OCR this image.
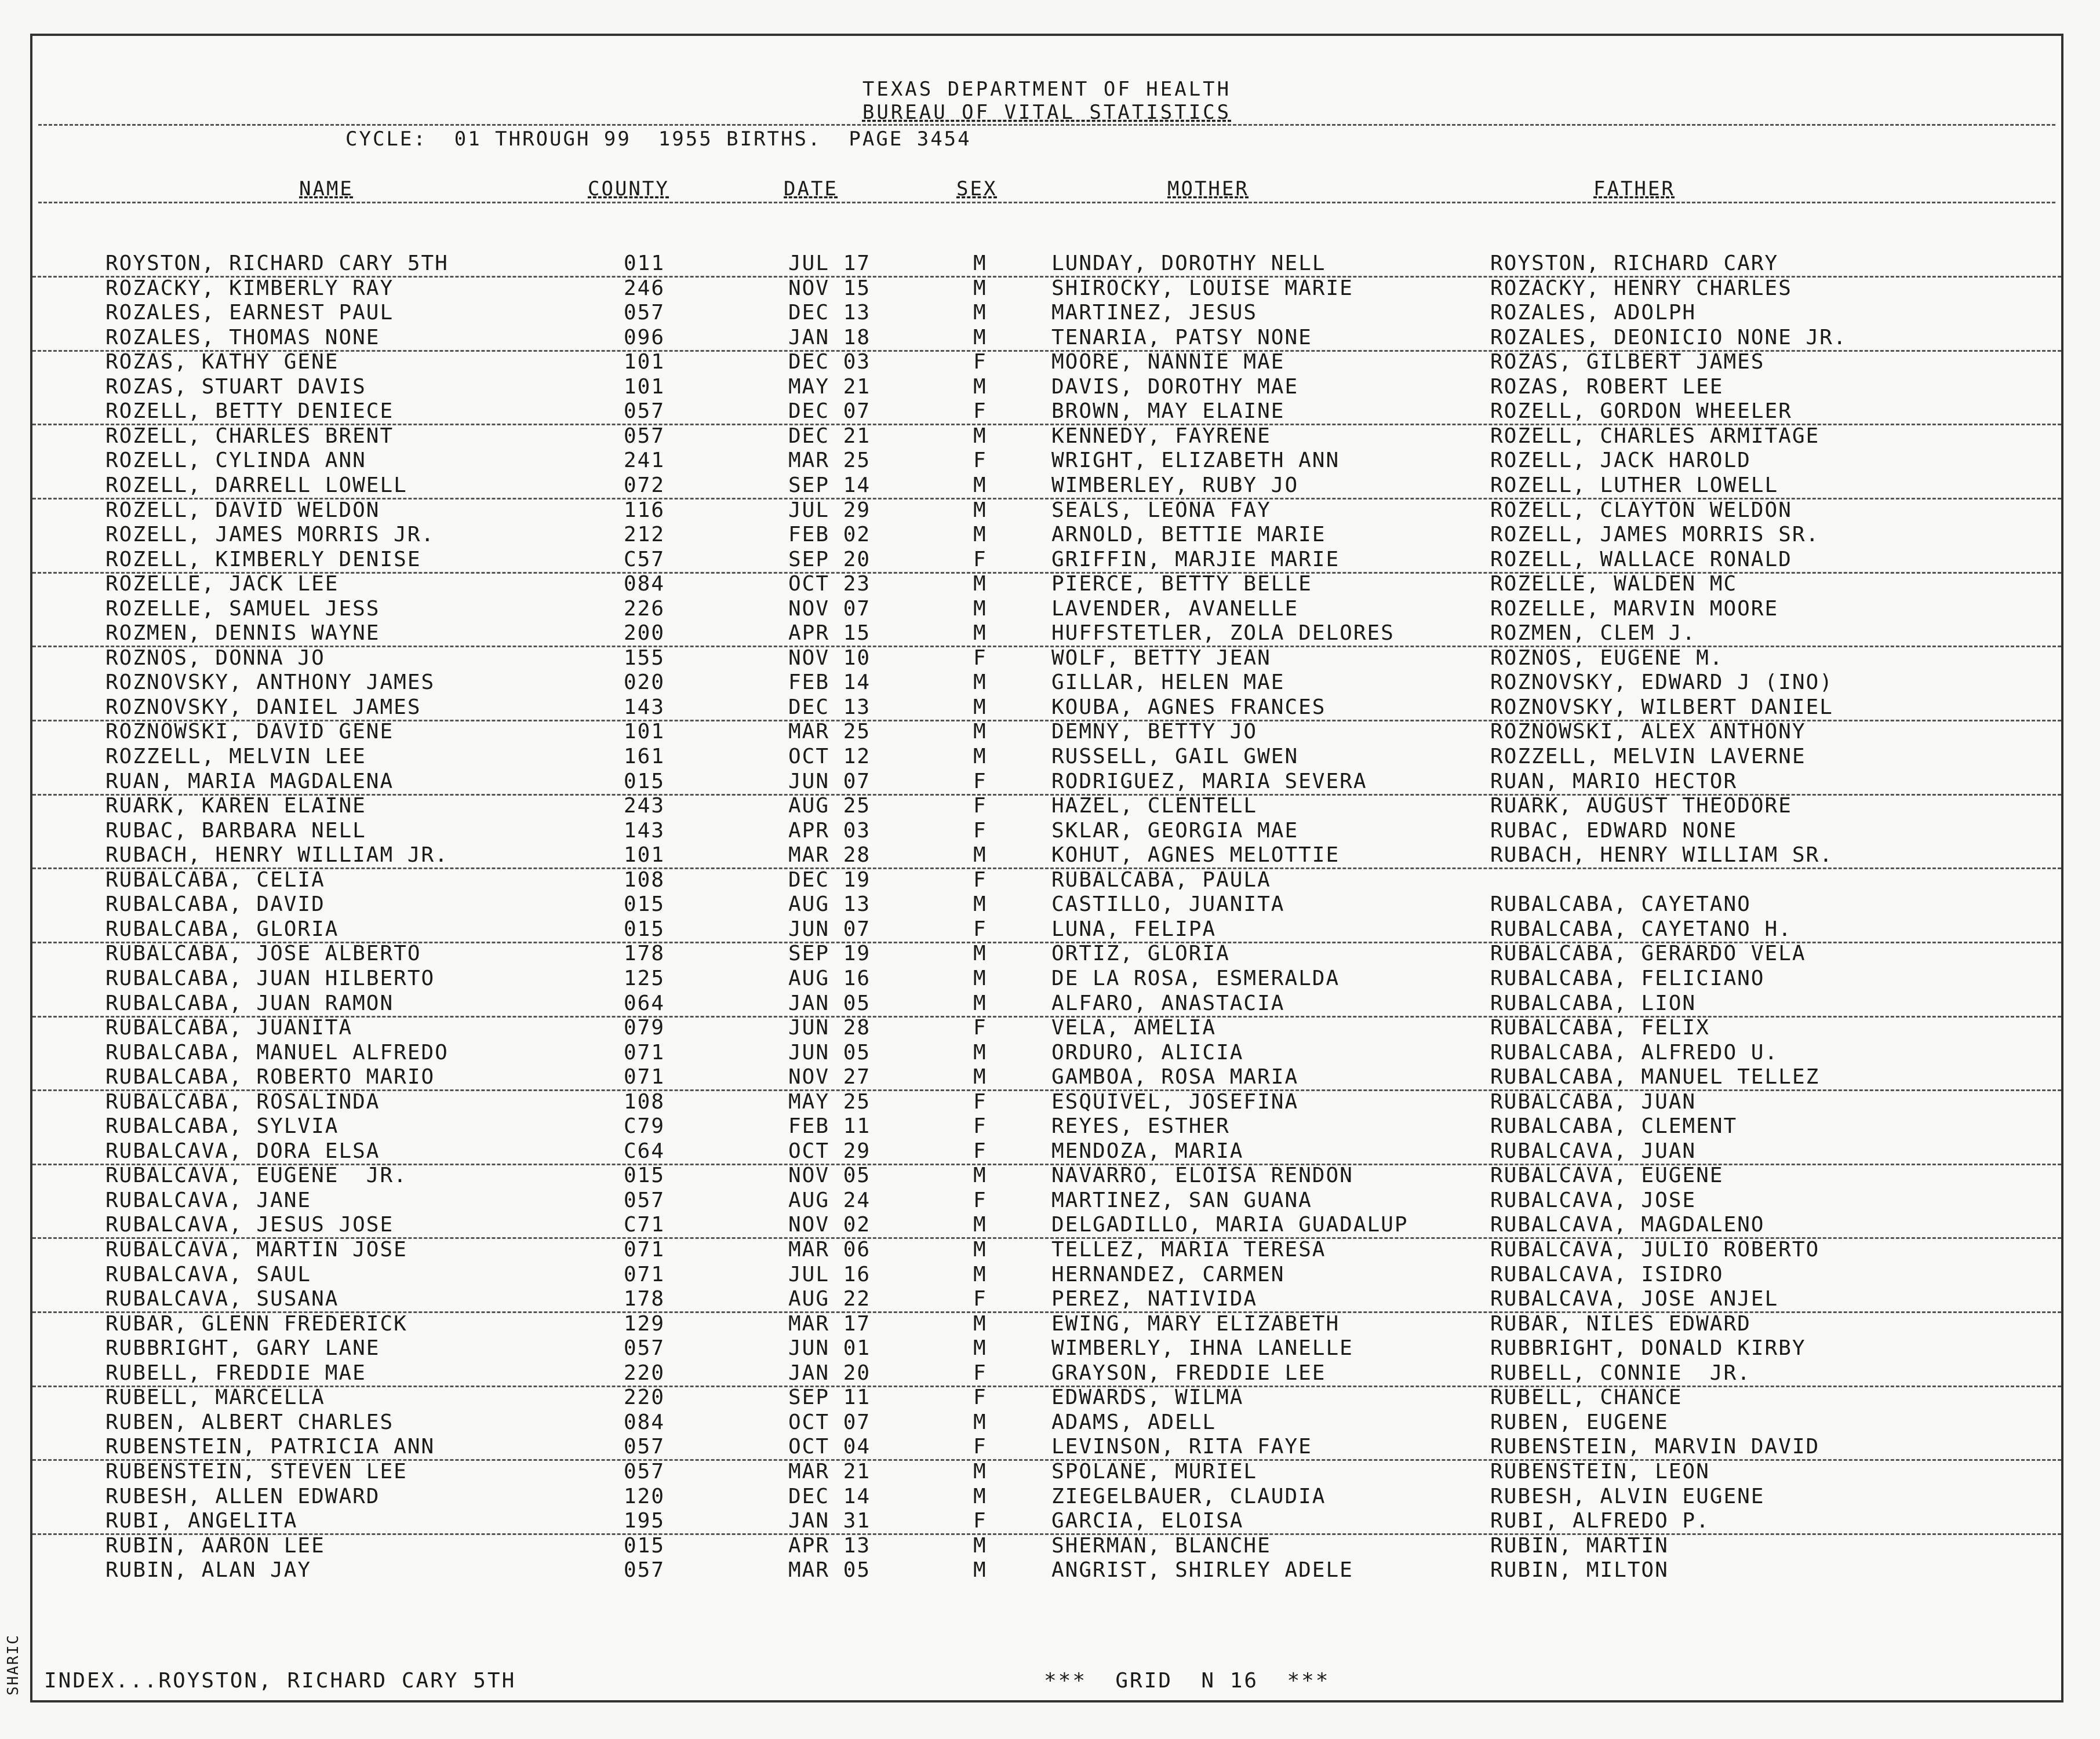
SHARIC
TEXAS DEPARTMENT OF HEALTH
BUREAU OF VITAL STATISTICS
CYCLE:  01 THROUGH 99  1955 BIRTHS.  PAGE 3454
NAME	COUNTY	DATE	SEX	MOTHER	FATHER
ROYSTON, RICHARD CARY 5TH	011	JUL 17	M	LUNDAY, DOROTHY NELL	ROYSTON, RICHARD CARY
ROZACKY, KIMBERLY RAY	246	NOV 15	M	SHIROCKY, LOUISE MARIE	ROZACKY, HENRY CHARLES
ROZALES, EARNEST PAUL	057	DEC 13	M	MARTINEZ, JESUS	ROZALES, ADOLPH
ROZALES, THOMAS NONE	096	JAN 18	M	TENARIA, PATSY NONE	ROZALES, DEONICIO NONE JR.
ROZAS, KATHY GENE	101	DEC 03	F	MOORE, NANNIE MAE	ROZAS, GILBERT JAMES
ROZAS, STUART DAVIS	101	MAY 21	M	DAVIS, DOROTHY MAE	ROZAS, ROBERT LEE
ROZELL, BETTY DENIECE	057	DEC 07	F	BROWN, MAY ELAINE	ROZELL, GORDON WHEELER
ROZELL, CHARLES BRENT	057	DEC 21	M	KENNEDY, FAYRENE	ROZELL, CHARLES ARMITAGE
ROZELL, CYLINDA ANN	241	MAR 25	F	WRIGHT, ELIZABETH ANN	ROZELL, JACK HAROLD
ROZELL, DARRELL LOWELL	072	SEP 14	M	WIMBERLEY, RUBY JO	ROZELL, LUTHER LOWELL
ROZELL, DAVID WELDON	116	JUL 29	M	SEALS, LEONA FAY	ROZELL, CLAYTON WELDON
ROZELL, JAMES MORRIS JR.	212	FEB 02	M	ARNOLD, BETTIE MARIE	ROZELL, JAMES MORRIS SR.
ROZELL, KIMBERLY DENISE	C57	SEP 20	F	GRIFFIN, MARJIE MARIE	ROZELL, WALLACE RONALD
ROZELLE, JACK LEE	084	OCT 23	M	PIERCE, BETTY BELLE	ROZELLE, WALDEN MC
ROZELLE, SAMUEL JESS	226	NOV 07	M	LAVENDER, AVANELLE	ROZELLE, MARVIN MOORE
ROZMEN, DENNIS WAYNE	200	APR 15	M	HUFFSTETLER, ZOLA DELORES	ROZMEN, CLEM J.
ROZNOS, DONNA JO	155	NOV 10	F	WOLF, BETTY JEAN	ROZNOS, EUGENE M.
ROZNOVSKY, ANTHONY JAMES	020	FEB 14	M	GILLAR, HELEN MAE	ROZNOVSKY, EDWARD J (INO)
ROZNOVSKY, DANIEL JAMES	143	DEC 13	M	KOUBA, AGNES FRANCES	ROZNOVSKY, WILBERT DANIEL
ROZNOWSKI, DAVID GENE	101	MAR 25	M	DEMNY, BETTY JO	ROZNOWSKI, ALEX ANTHONY
ROZZELL, MELVIN LEE	161	OCT 12	M	RUSSELL, GAIL GWEN	ROZZELL, MELVIN LAVERNE
RUAN, MARIA MAGDALENA	015	JUN 07	F	RODRIGUEZ, MARIA SEVERA	RUAN, MARIO HECTOR
RUARK, KAREN ELAINE	243	AUG 25	F	HAZEL, CLENTELL	RUARK, AUGUST THEODORE
RUBAC, BARBARA NELL	143	APR 03	F	SKLAR, GEORGIA MAE	RUBAC, EDWARD NONE
RUBACH, HENRY WILLIAM JR.	101	MAR 28	M	KOHUT, AGNES MELOTTIE	RUBACH, HENRY WILLIAM SR.
RUBALCABA, CELIA	108	DEC 19	F	RUBALCABA, PAULA
RUBALCABA, DAVID	015	AUG 13	M	CASTILLO, JUANITA	RUBALCABA, CAYETANO
RUBALCABA, GLORIA	015	JUN 07	F	LUNA, FELIPA	RUBALCABA, CAYETANO H.
RUBALCABA, JOSE ALBERTO	178	SEP 19	M	ORTIZ, GLORIA	RUBALCABA, GERARDO VELA
RUBALCABA, JUAN HILBERTO	125	AUG 16	M	DE LA ROSA, ESMERALDA	RUBALCABA, FELICIANO
RUBALCABA, JUAN RAMON	064	JAN 05	M	ALFARO, ANASTACIA	RUBALCABA, LION
RUBALCABA, JUANITA	079	JUN 28	F	VELA, AMELIA	RUBALCABA, FELIX
RUBALCABA, MANUEL ALFREDO	071	JUN 05	M	ORDURO, ALICIA	RUBALCABA, ALFREDO U.
RUBALCABA, ROBERTO MARIO	071	NOV 27	M	GAMBOA, ROSA MARIA	RUBALCABA, MANUEL TELLEZ
RUBALCABA, ROSALINDA	108	MAY 25	F	ESQUIVEL, JOSEFINA	RUBALCABA, JUAN
RUBALCABA, SYLVIA	C79	FEB 11	F	REYES, ESTHER	RUBALCABA, CLEMENT
RUBALCAVA, DORA ELSA	C64	OCT 29	F	MENDOZA, MARIA	RUBALCAVA, JUAN
RUBALCAVA, EUGENE  JR.	015	NOV 05	M	NAVARRO, ELOISA RENDON	RUBALCAVA, EUGENE
RUBALCAVA, JANE	057	AUG 24	F	MARTINEZ, SAN GUANA	RUBALCAVA, JOSE
RUBALCAVA, JESUS JOSE	C71	NOV 02	M	DELGADILLO, MARIA GUADALUP	RUBALCAVA, MAGDALENO
RUBALCAVA, MARTIN JOSE	071	MAR 06	M	TELLEZ, MARIA TERESA	RUBALCAVA, JULIO ROBERTO
RUBALCAVA, SAUL	071	JUL 16	M	HERNANDEZ, CARMEN	RUBALCAVA, ISIDRO
RUBALCAVA, SUSANA	178	AUG 22	F	PEREZ, NATIVIDA	RUBALCAVA, JOSE ANJEL
RUBAR, GLENN FREDERICK	129	MAR 17	M	EWING, MARY ELIZABETH	RUBAR, NILES EDWARD
RUBBRIGHT, GARY LANE	057	JUN 01	M	WIMBERLY, IHNA LANELLE	RUBBRIGHT, DONALD KIRBY
RUBELL, FREDDIE MAE	220	JAN 20	F	GRAYSON, FREDDIE LEE	RUBELL, CONNIE  JR.
RUBELL, MARCELLA	220	SEP 11	F	EDWARDS, WILMA	RUBELL, CHANCE
RUBEN, ALBERT CHARLES	084	OCT 07	M	ADAMS, ADELL	RUBEN, EUGENE
RUBENSTEIN, PATRICIA ANN	057	OCT 04	F	LEVINSON, RITA FAYE	RUBENSTEIN, MARVIN DAVID
RUBENSTEIN, STEVEN LEE	057	MAR 21	M	SPOLANE, MURIEL	RUBENSTEIN, LEON
RUBESH, ALLEN EDWARD	120	DEC 14	M	ZIEGELBAUER, CLAUDIA	RUBESH, ALVIN EUGENE
RUBI, ANGELITA	195	JAN 31	F	GARCIA, ELOISA	RUBI, ALFREDO P.
RUBIN, AARON LEE	015	APR 13	M	SHERMAN, BLANCHE	RUBIN, MARTIN
RUBIN, ALAN JAY	057	MAR 05	M	ANGRIST, SHIRLEY ADELE	RUBIN, MILTON
INDEX...ROYSTON, RICHARD CARY 5TH	***  GRID  N 16  ***
